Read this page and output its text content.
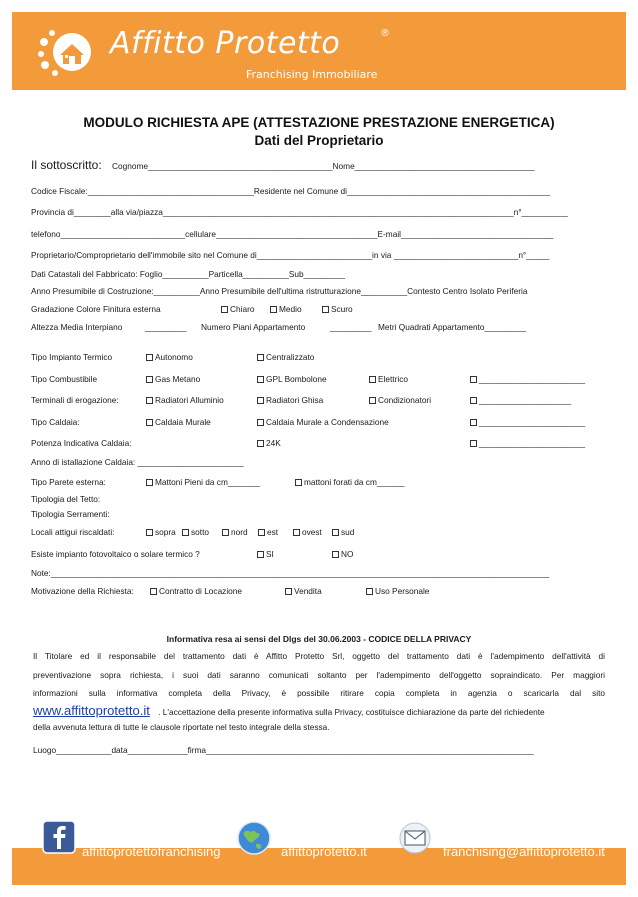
Affitto Protetto	®
Franchising Immobiliare
MODULO RICHIESTA APE (ATTESTAZIONE PRESTAZIONE ENERGETICA)
Dati del Proprietario
Il sottoscritto: Cognome________________________________________Nome_______________________________________
Codice Fiscale:____________________________________Residente nel Comune di____________________________________________
Provincia di________alla via/piazza____________________________________________________________________________n°__________
telefono___________________________cellulare___________________________________E-mail_________________________________
Proprietario/Comproprietario dell'immobile sito nel Comune di_________________________in via ___________________________n°_____
Dati Catastali del Fabbricato: Foglio__________Particella__________Sub_________
Anno Presumibile di Costruzione:__________Anno Presumibile dell'ultima ristrutturazione__________Contesto Centro Isolato Periferia
Gradazione Colore Finitura esterna	Chiaro	Medio	Scuro
Altezza Media Interpiano	_________ Numero Piani Appartamento	_________ Metri Quadrati Appartamento_________
Tipo Impianto Termico	Autonomo	Centralizzato
Tipo Combustibile	Gas Metano	GPL Bombolone	Elettrico	_______________________
Terminali di erogazione:	Radiatori Alluminio	Radiatori Ghisa	Condizionatori	____________________
Tipo Caldaia:	Caldaia Murale	Caldaia Murale a Condensazione	_______________________
Potenza Indicativa Caldaia:	24K	_______________________
Anno di istallazione Caldaia: _______________________
Tipo Parete esterna:	Mattoni Pieni da cm_______	mattoni forati da cm______
Tipologia del Tetto:
Tipologia Serramenti:
Locali attigui riscaldati:	sopra	sotto	nord	est	ovest	sud
Esiste impianto fotovoltaico o solare termico ?	SI	NO
Note:____________________________________________________________________________________________________________
Motivazione della Richiesta:	Contratto di Locazione	Vendita	Uso Personale
Informativa resa ai sensi del Dlgs del 30.06.2003 - CODICE DELLA PRIVACY
Il Titolare ed il responsabile del trattamento dati è Affitto Protetto Srl, oggetto del trattamento dati è l'adempimento dell'attività di
preventivazione sopra richiesta, i suoi dati saranno comunicati soltanto per l'adempimento dell'oggetto sopraindicato. Per maggiori
informazioni sulla informativa completa della Privacy, è possibile ritirare copia completa in agenzia o scaricarla dal sito
www.affittoprotetto.it . L'accettazione della presente informativa sulla Privacy, costituisce dichiarazione da parte del richiedente
della avvenuta lettura di tutte le clausole riportate nel testo integrale della stessa.
Luogo____________data_____________firma_______________________________________________________________________
affittoprotettofranchising	affittoprotetto.it	franchising@affittoprotetto.it
